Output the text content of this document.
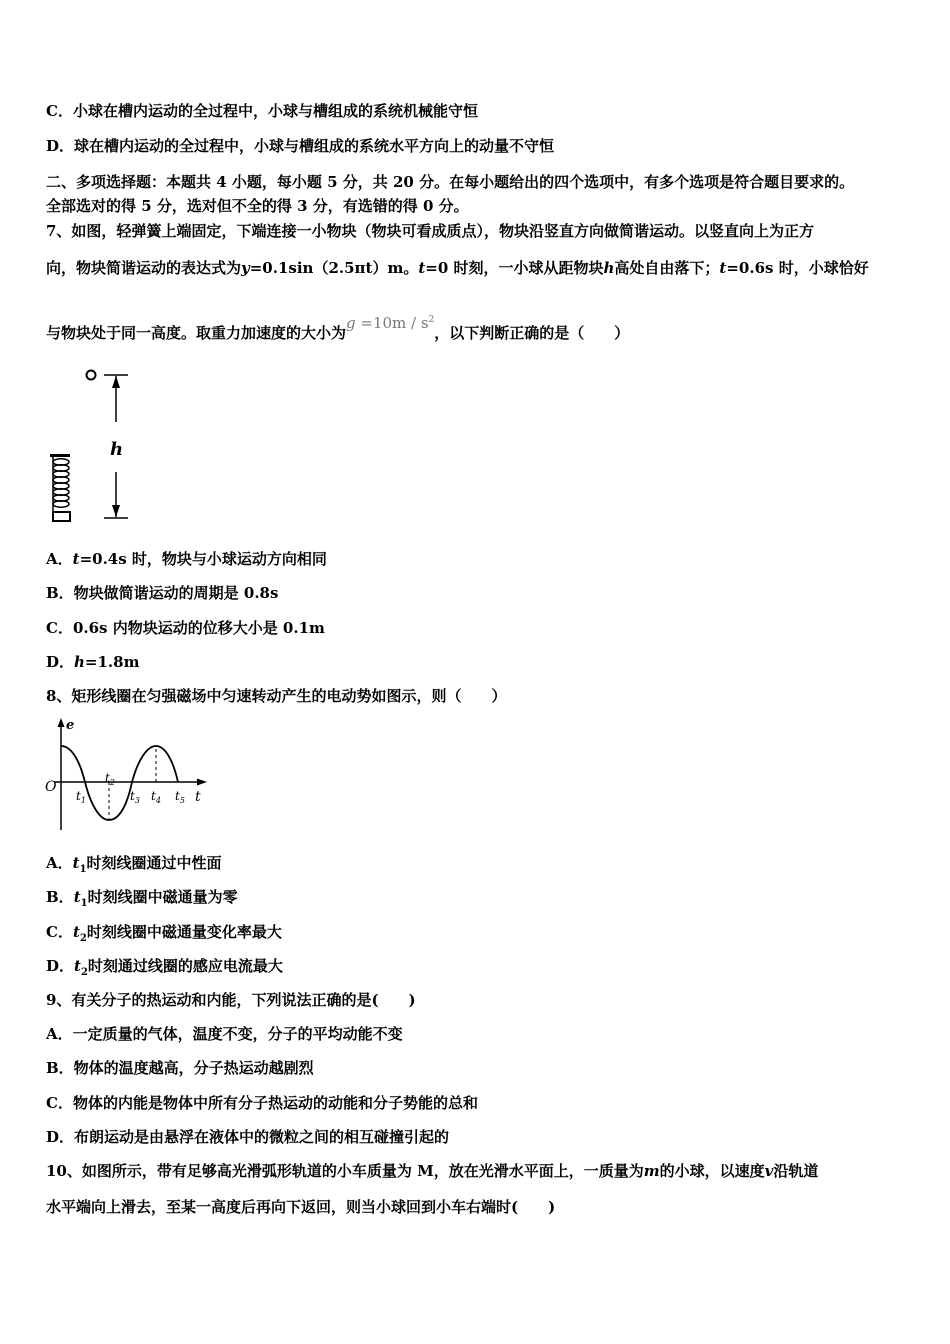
C．小球在槽内运动的全过程中，小球与槽组成的系统机械能守恒
D．球在槽内运动的全过程中，小球与槽组成的系统水平方向上的动量不守恒
二、多项选择题：本题共 4 小题，每小题 5 分，共 20 分。在每小题给出的四个选项中，有多个选项是符合题目要求的。
全部选对的得 5 分，选对但不全的得 3 分，有选错的得 0 分。
7、如图，轻弹簧上端固定，下端连接一小物块（物块可看成质点），物块沿竖直方向做简谐运动。以竖直向上为正方
向，物块简谐运动的表达式为y=0.1sin（2.5πt）m。t=0 时刻，一小球从距物块h高处自由落下；t=0.6s 时，小球恰好
与物块处于同一高度。取重力加速度的大小为$g =10m / s^2$，以下判断正确的是（　　）
h
A．t=0.4s 时，物块与小球运动方向相同
B．物块做简谐运动的周期是 0.8s
C．0.6s 内物块运动的位移大小是 0.1m
D．h=1.8m
8、矩形线圈在匀强磁场中匀速转动产生的电动势如图示，则（　　）
e
O
t
$t_1$
$t_2$
$t_3$ $t_4$ $t_5$
A．$t_1$时刻线圈通过中性面
B．$t_1$时刻线圈中磁通量为零
C．$t_2$时刻线圈中磁通量变化率最大
D．$t_2$时刻通过线圈的感应电流最大
9、有关分子的热运动和内能，下列说法正确的是(　　)
A．一定质量的气体，温度不变，分子的平均动能不变
B．物体的温度越高，分子热运动越剧烈
C．物体的内能是物体中所有分子热运动的动能和分子势能的总和
D．布朗运动是由悬浮在液体中的微粒之间的相互碰撞引起的
10、如图所示，带有足够高光滑弧形轨道的小车质量为 M，放在光滑水平面上，一质量为m的小球，以速度v沿轨道
水平端向上滑去，至某一高度后再向下返回，则当小球回到小车右端时(　　)
